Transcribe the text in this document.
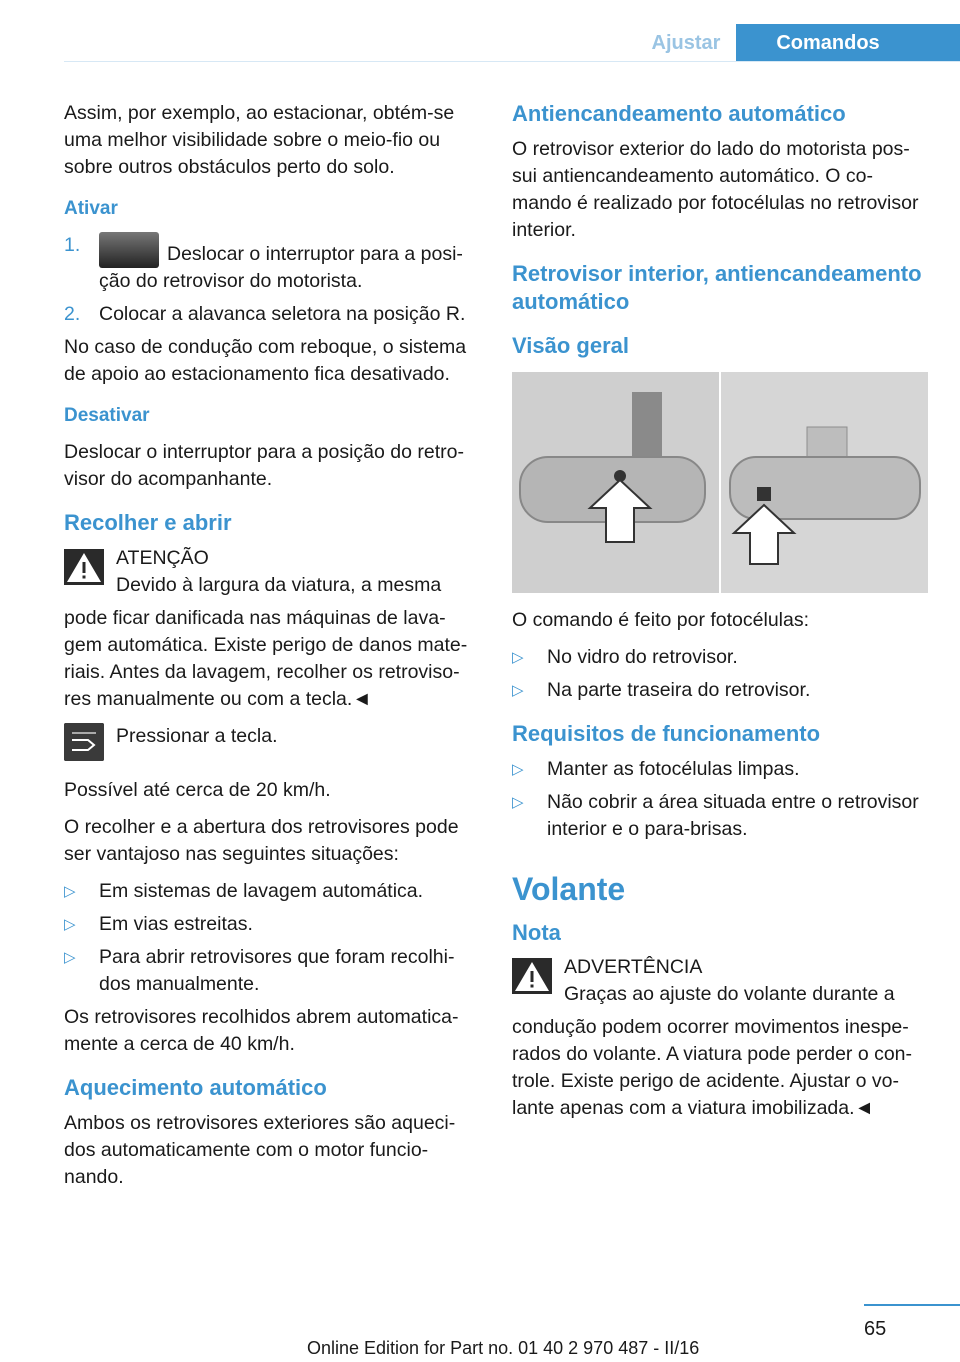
Ajustar	Comandos

Assim, por exemplo, ao estacionar, obtém-se uma melhor visibilidade sobre o meio-fio ou sobre outros obstáculos perto do solo.

Ativar
1.	Deslocar o interruptor para a posi- ção do retrovisor do motorista.
2. Colocar a alavanca seletora na posição R.

No caso de condução com reboque, o sistema de apoio ao estacionamento fica desativado.

Desativar

Deslocar o interruptor para a posição do retro- visor do acompanhante.

Recolher e abrir
ATENÇÃO
Devido à largura da viatura, a mesma

pode ficar danificada nas máquinas de lava- gem automática. Existe perigo de danos mate- riais. Antes da lavagem, recolher os retroviso- res manualmente ou com a tecla.◄

Pressionar a tecla.

Possível até cerca de 20 km/h.

O recolher e a abertura dos retrovisores pode ser vantajoso nas seguintes situações:

▷ Em sistemas de lavagem automática.
▷ Em vias estreitas.
▷ Para abrir retrovisores que foram recolhi- dos manualmente.

Os retrovisores recolhidos abrem automatica- mente a cerca de 40 km/h.

Aquecimento automático

Ambos os retrovisores exteriores são aqueci- dos automaticamente com o motor funcio- nando.

Antiencandeamento automático

O retrovisor exterior do lado do motorista pos- sui antiencandeamento automático. O co- mando é realizado por fotocélulas no retrovisor interior.

Retrovisor interior, antiencandeamento automático
Visão geral

O comando é feito por fotocélulas:

▷ No vidro do retrovisor.
▷ Na parte traseira do retrovisor.
Requisitos de funcionamento
▷ Manter as fotocélulas limpas.
▷ Não cobrir a área situada entre o retrovisor interior e o para-brisas.
Volante
Nota
ADVERTÊNCIA
Graças ao ajuste do volante durante a

condução podem ocorrer movimentos inespe- rados do volante. A viatura pode perder o con- trole. Existe perigo de acidente. Ajustar o vo- lante apenas com a viatura imobilizada.◄

65
Online Edition for Part no. 01 40 2 970 487 - II/16
